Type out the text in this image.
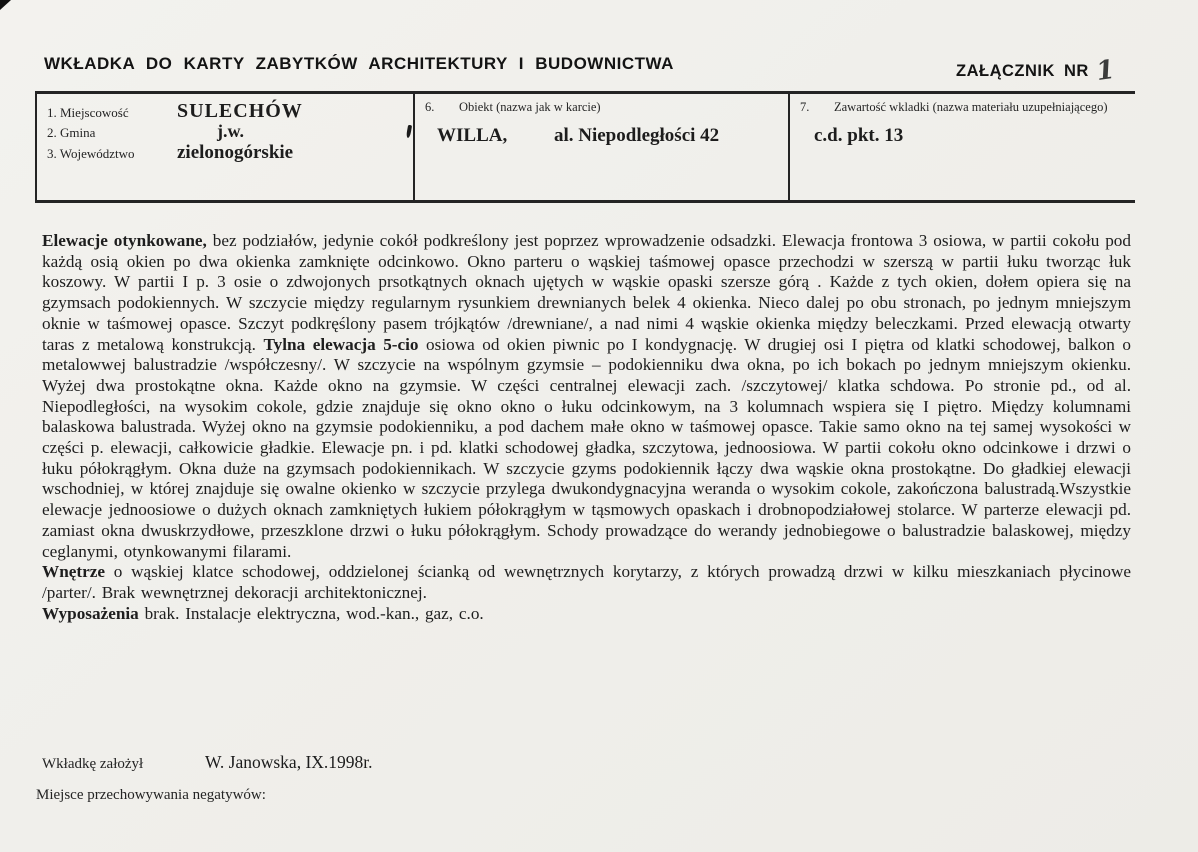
WKŁADKA DO KARTY ZABYTKÓW ARCHITEKTURY I BUDOWNICTWA	ZAŁĄCZNIK NR 1
1. Miejscowość	SULECHÓW
2. Gmina	j.w.
3. Województwo	zielonogórskie
6.	Obiekt (nazwa jak w karcie)
WILLA, al. Niepodległości 42
7.	Zawartość wkladki (nazwa materiału uzupełniającego)
c.d. pkt. 13

Elewacje otynkowane, bez podziałów, jedynie cokół podkreślony jest poprzez wprowadzenie odsadzki. Elewacja frontowa 3 osiowa, w partii cokołu pod każdą osią okien po dwa okienka zamknięte odcinkowo. Okno parteru o wąskiej taśmowej opasce przechodzi w szerszą w partii łuku tworząc łuk koszowy. W partii I p. 3 osie o zdwojonych prsotkątnych oknach ujętych w wąskie opaski szersze górą . Każde z tych okien, dołem opiera się na gzymsach podokiennych. W szczycie między regularnym rysunkiem drewnianych belek 4 okienka. Nieco dalej po obu stronach, po jednym mniejszym oknie w taśmowej opasce. Szczyt podkręślony pasem trójkątów /drewniane/, a nad nimi 4 wąskie okienka między beleczkami. Przed elewacją otwarty taras z metalową konstrukcją. Tylna elewacja 5-cio osiowa od okien piwnic po I kondygnację. W drugiej osi I piętra od klatki schodowej, balkon o metalowwej balustradzie /współczesny/. W szczycie na wspólnym gzymsie – podokienniku dwa okna, po ich bokach po jednym mniejszym okienku. Wyżej dwa prostokątne okna. Każde okno na gzymsie. W części centralnej elewacji zach. /szczytowej/ klatka schdowa. Po stronie pd., od al. Niepodległości, na wysokim cokole, gdzie znajduje się okno okno o łuku odcinkowym, na 3 kolumnach wspiera się I piętro. Między kolumnami balaskowa balustrada. Wyżej okno na gzymsie podokienniku, a pod dachem małe okno w taśmowej opasce. Takie samo okno na tej samej wysokości w części p. elewacji, całkowicie gładkie. Elewacje pn. i pd. klatki schodowej gładka, szczytowa, jednoosiowa. W partii cokołu okno odcinkowe i drzwi o łuku półokrągłym. Okna duże na gzymsach podokiennikach. W szczycie gzyms podokiennik łączy dwa wąskie okna prostokątne. Do gładkiej elewacji wschodniej, w której znajduje się owalne okienko w szczycie przylega dwukondygnacyjna weranda o wysokim cokole, zakończona balustradą.Wszystkie elewacje jednoosiowe o dużych oknach zamkniętych łukiem półokrągłym w tąsmowych opaskach i drobnopodziałowej stolarce. W parterze elewacji pd. zamiast okna dwuskrzydłowe, przeszklone drzwi o łuku półokrągłym. Schody prowadzące do werandy jednobiegowe o balustradzie balaskowej, między ceglanymi, otynkowanymi filarami.

Wnętrze o wąskiej klatce schodowej, oddzielonej ścianką od wewnętrznych korytarzy, z których prowadzą drzwi w kilku mieszkaniach płycinowe /parter/. Brak wewnętrznej dekoracji architektonicznej.

Wyposażenia brak. Instalacje elektryczna, wod.-kan., gaz, c.o.

Wkładkę założył	W. Janowska, IX.1998r.
Miejsce przechowywania negatywów:
